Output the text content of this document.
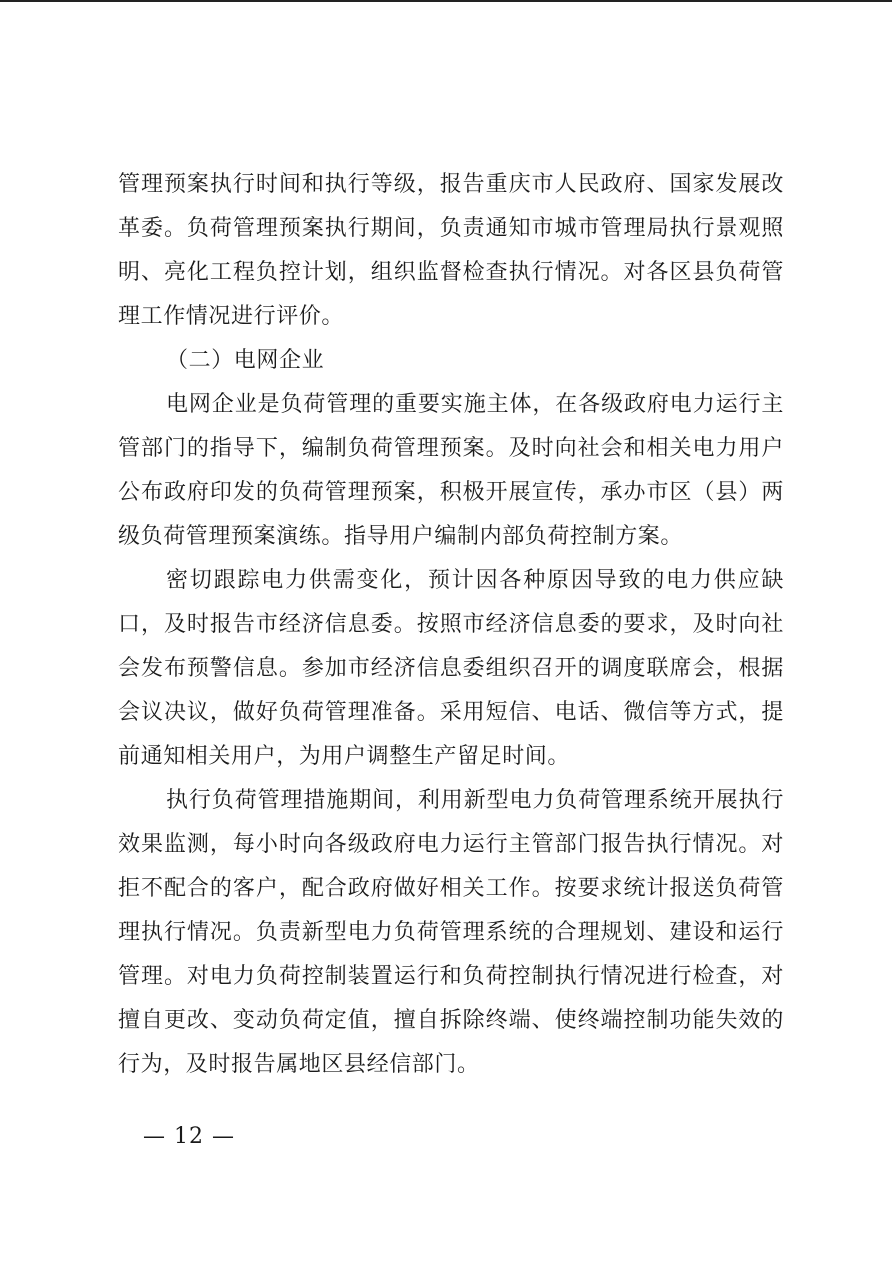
管理预案执行时间和执行等级，报告重庆市人民政府、国家发展改革委。负荷管理预案执行期间，负责通知市城市管理局执行景观照明、亮化工程负控计划，组织监督检查执行情况。对各区县负荷管理工作情况进行评价。

（二）电网企业

电网企业是负荷管理的重要实施主体，在各级政府电力运行主管部门的指导下，编制负荷管理预案。及时向社会和相关电力用户公布政府印发的负荷管理预案，积极开展宣传，承办市区（县）两级负荷管理预案演练。指导用户编制内部负荷控制方案。

密切跟踪电力供需变化，预计因各种原因导致的电力供应缺口，及时报告市经济信息委。按照市经济信息委的要求，及时向社会发布预警信息。参加市经济信息委组织召开的调度联席会，根据会议决议，做好负荷管理准备。采用短信、电话、微信等方式，提前通知相关用户，为用户调整生产留足时间。

执行负荷管理措施期间，利用新型电力负荷管理系统开展执行效果监测，每小时向各级政府电力运行主管部门报告执行情况。对拒不配合的客户，配合政府做好相关工作。按要求统计报送负荷管理执行情况。负责新型电力负荷管理系统的合理规划、建设和运行管理。对电力负荷控制装置运行和负荷控制执行情况进行检查，对擅自更改、变动负荷定值，擅自拆除终端、使终端控制功能失效的行为，及时报告属地区县经信部门。

— 12 —
